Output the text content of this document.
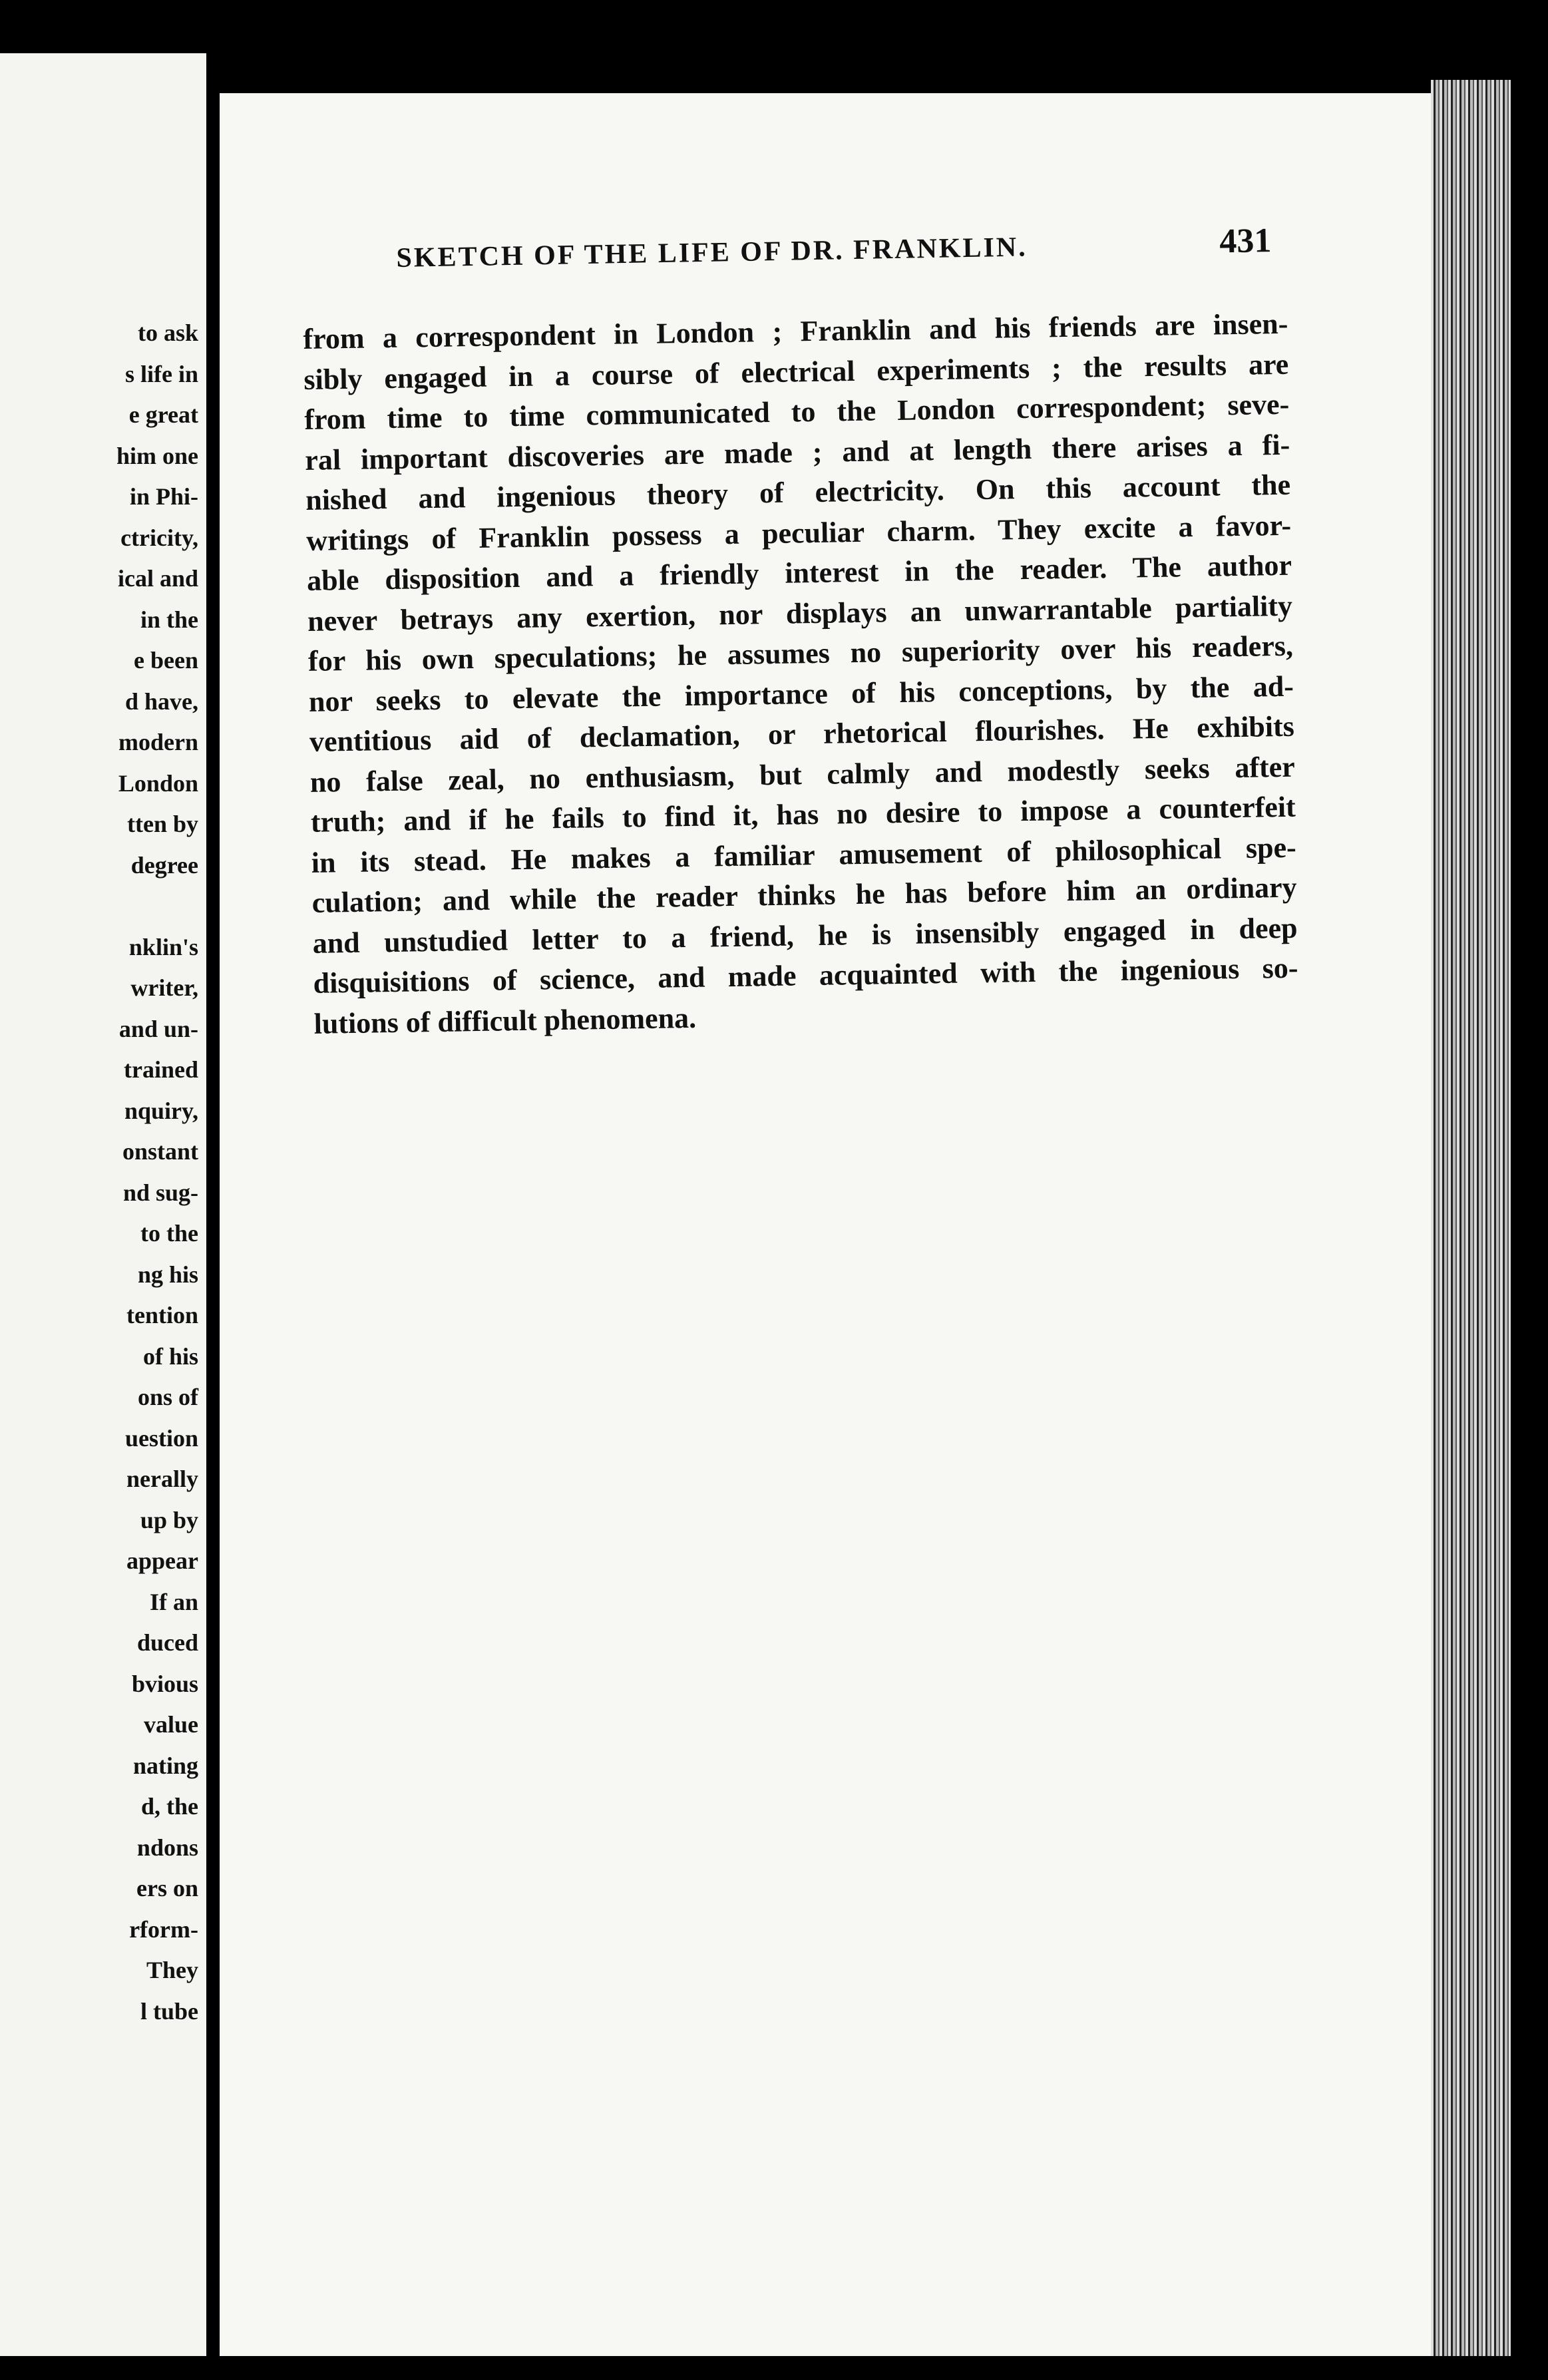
to ask
s life in
e great
him one
in Phi-
ctricity,
ical and
in the
e been
d have,
modern
London
tten by
degree
nklin's
writer,
and un-
trained
nquiry,
onstant
nd sug-
to the
ng his
tention
of his
ons of
uestion
nerally
up by
appear
If an
duced
bvious
value
nating
d, the
ndons
ers on
rform-
They
l tube
SKETCH OF THE LIFE OF DR. FRANKLIN.	431
from a correspondent in London ; Franklin and his friends are insen-
sibly engaged in a course of electrical experiments ; the results are
from time to time communicated to the London correspondent; seve-
ral important discoveries are made ; and at length there arises a fi-
nished and ingenious theory of electricity. On this account the
writings of Franklin possess a peculiar charm. They excite a favor-
able disposition and a friendly interest in the reader. The author
never betrays any exertion, nor displays an unwarrantable partiality
for his own speculations; he assumes no superiority over his readers,
nor seeks to elevate the importance of his conceptions, by the ad-
ventitious aid of declamation, or rhetorical flourishes. He exhibits
no false zeal, no enthusiasm, but calmly and modestly seeks after
truth; and if he fails to find it, has no desire to impose a counterfeit
in its stead. He makes a familiar amusement of philosophical spe-
culation; and while the reader thinks he has before him an ordinary
and unstudied letter to a friend, he is insensibly engaged in deep
disquisitions of science, and made acquainted with the ingenious so-
lutions of difficult phenomena.
